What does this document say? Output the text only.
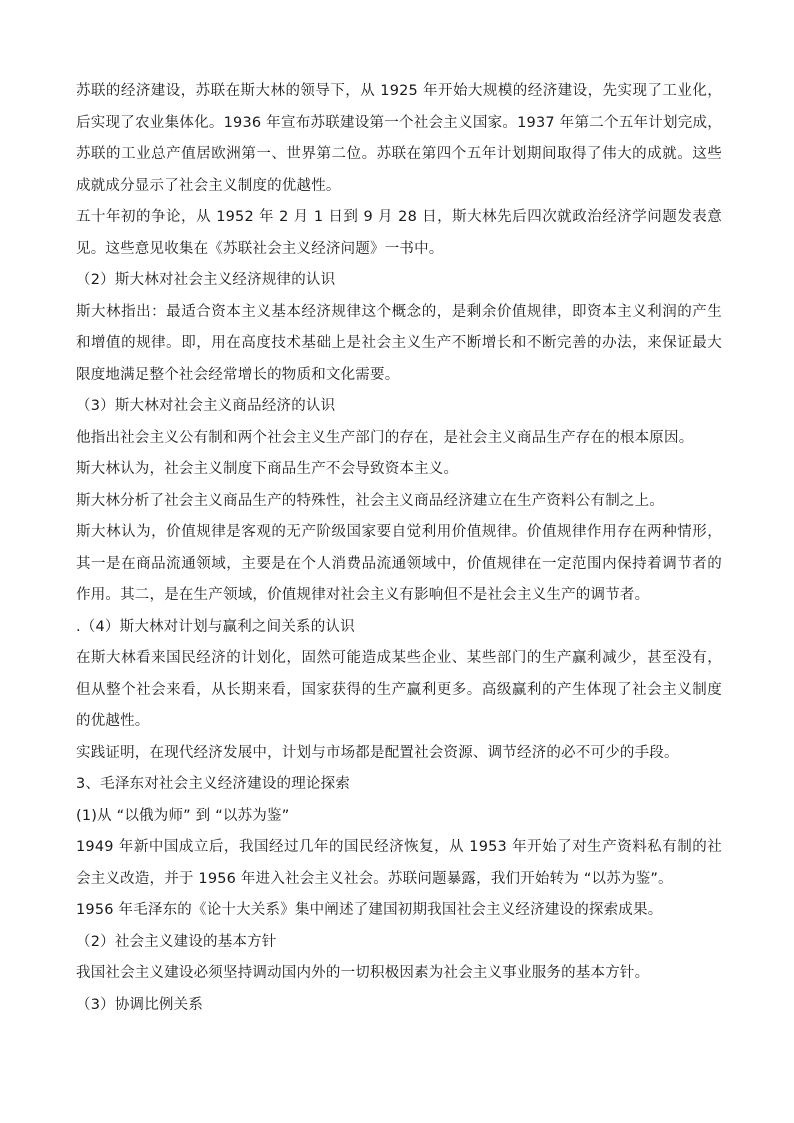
苏联的经济建设，苏联在斯大林的领导下，从 1925 年开始大规模的经济建设，先实现了工业化，后实现了农业集体化。1936 年宣布苏联建设第一个社会主义国家。1937 年第二个五年计划完成，苏联的工业总产值居欧洲第一、世界第二位。苏联在第四个五年计划期间取得了伟大的成就。这些成就成分显示了社会主义制度的优越性。

五十年初的争论，从 1952 年 2 月 1 日到 9 月 28 日，斯大林先后四次就政治经济学问题发表意见。这些意见收集在《苏联社会主义经济问题》一书中。

（2）斯大林对社会主义经济规律的认识

斯大林指出：最适合资本主义基本经济规律这个概念的，是剩余价值规律，即资本主义利润的产生和增值的规律。即，用在高度技术基础上是社会主义生产不断增长和不断完善的办法，来保证最大限度地满足整个社会经常增长的物质和文化需要。

（3）斯大林对社会主义商品经济的认识

他指出社会主义公有制和两个社会主义生产部门的存在，是社会主义商品生产存在的根本原因。

斯大林认为，社会主义制度下商品生产不会导致资本主义。

斯大林分析了社会主义商品生产的特殊性，社会主义商品经济建立在生产资料公有制之上。

斯大林认为，价值规律是客观的无产阶级国家要自觉利用价值规律。价值规律作用存在两种情形，其一是在商品流通领域，主要是在个人消费品流通领域中，价值规律在一定范围内保持着调节者的作用。其二，是在生产领域，价值规律对社会主义有影响但不是社会主义生产的调节者。

.（4）斯大林对计划与赢利之间关系的认识

在斯大林看来国民经济的计划化，固然可能造成某些企业、某些部门的生产赢利减少，甚至没有，但从整个社会来看，从长期来看，国家获得的生产赢利更多。高级赢利的产生体现了社会主义制度的优越性。

实践证明，在现代经济发展中，计划与市场都是配置社会资源、调节经济的必不可少的手段。

3、毛泽东对社会主义经济建设的理论探索

(1)从 “以俄为师” 到 “以苏为鉴”

1949 年新中国成立后，我国经过几年的国民经济恢复，从 1953 年开始了对生产资料私有制的社会主义改造，并于 1956 年进入社会主义社会。苏联问题暴露，我们开始转为 “以苏为鉴”。

1956 年毛泽东的《论十大关系》集中阐述了建国初期我国社会主义经济建设的探索成果。

（2）社会主义建设的基本方针

我国社会主义建设必须坚持调动国内外的一切积极因素为社会主义事业服务的基本方针。

（3）协调比例关系
